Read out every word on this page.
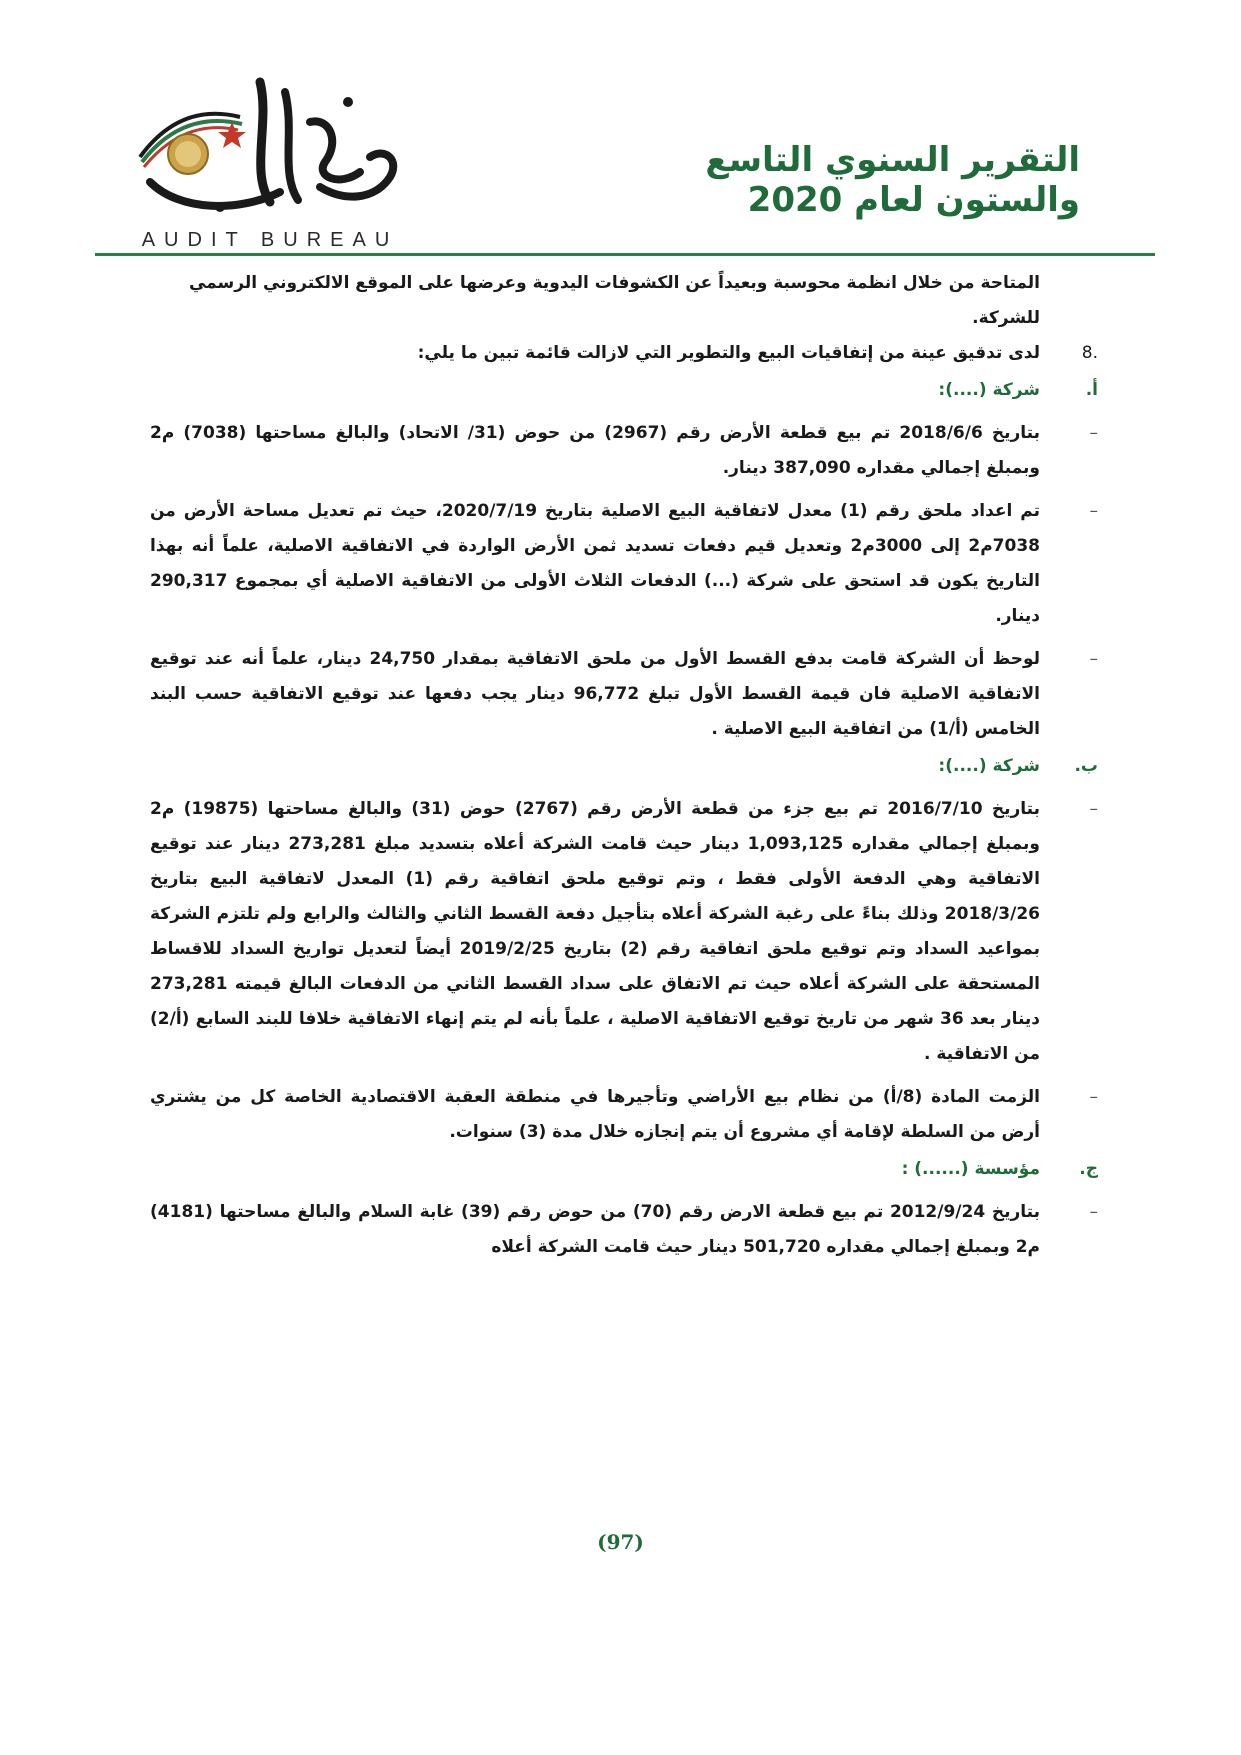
التقرير السنوي التاسع والستون لعام 2020
AUDIT BUREAU

المتاحة من خلال انظمة محوسبة وبعيداً عن الكشوفات اليدوية وعرضها على الموقع الالكتروني الرسمي

للشركة.

.8
لدى تدقيق عينة من إتفاقيات البيع والتطوير التي لازالت قائمة تبين ما يلي:

أ.
شركة (....):

–
بتاريخ 2018/6/6 تم بيع قطعة الأرض رقم (2967) من حوض (31/ الاتحاد) والبالغ مساحتها (7038) م2 وبمبلغ إجمالي مقداره 387,090 دينار.

–
تم اعداد ملحق رقم (1) معدل لاتفاقية البيع الاصلية بتاريخ 2020/7/19، حيث تم تعديل مساحة الأرض من 7038م2 إلى 3000م2 وتعديل قيم دفعات تسديد ثمن الأرض الواردة في الاتفاقية الاصلية، علماً أنه بهذا التاريخ يكون قد استحق على شركة (...) الدفعات الثلاث الأولى من الاتفاقية الاصلية أي بمجموع 290,317 دينار.

–
لوحظ أن الشركة قامت بدفع القسط الأول من ملحق الاتفاقية بمقدار 24,750 دينار، علماً أنه عند توقيع الاتفاقية الاصلية فان قيمة القسط الأول تبلغ 96,772 دينار يجب دفعها عند توقيع الاتفاقية حسب البند الخامس (أ/1) من اتفاقية البيع الاصلية .

ب.
شركة (....):

–
بتاريخ 2016/7/10 تم بيع جزء من قطعة الأرض رقم (2767) حوض (31) والبالغ مساحتها (19875) م2 وبمبلغ إجمالي مقداره 1,093,125 دينار حيث قامت الشركة أعلاه بتسديد مبلغ 273,281 دينار عند توقيع الاتفاقية وهي الدفعة الأولى فقط ، وتم توقيع ملحق اتفاقية رقم (1) المعدل لاتفاقية البيع بتاريخ 2018/3/26 وذلك بناءً على رغبة الشركة أعلاه بتأجيل دفعة القسط الثاني والثالث والرابع ولم تلتزم الشركة بمواعيد السداد وتم توقيع ملحق اتفاقية رقم (2) بتاريخ 2019/2/25 أيضاً لتعديل تواريخ السداد للاقساط المستحقة على الشركة أعلاه حيث تم الاتفاق على سداد القسط الثاني من الدفعات البالغ قيمته 273,281 دينار بعد 36 شهر من تاريخ توقيع الاتفاقية الاصلية ، علماً بأنه لم يتم إنهاء الاتفاقية خلافا للبند السابع (أ/2) من الاتفاقية .

–
الزمت المادة (8/أ) من نظام بيع الأراضي وتأجيرها في منطقة العقبة الاقتصادية الخاصة كل من يشتري أرض من السلطة لإقامة أي مشروع أن يتم إنجازه خلال مدة (3) سنوات.

ج.
مؤسسة (......) :

–
بتاريخ 2012/9/24 تم بيع قطعة الارض رقم (70) من حوض رقم (39) غابة السلام والبالغ مساحتها (4181) م2 وبمبلغ إجمالي مقداره 501,720 دينار حيث قامت الشركة أعلاه

(97)
